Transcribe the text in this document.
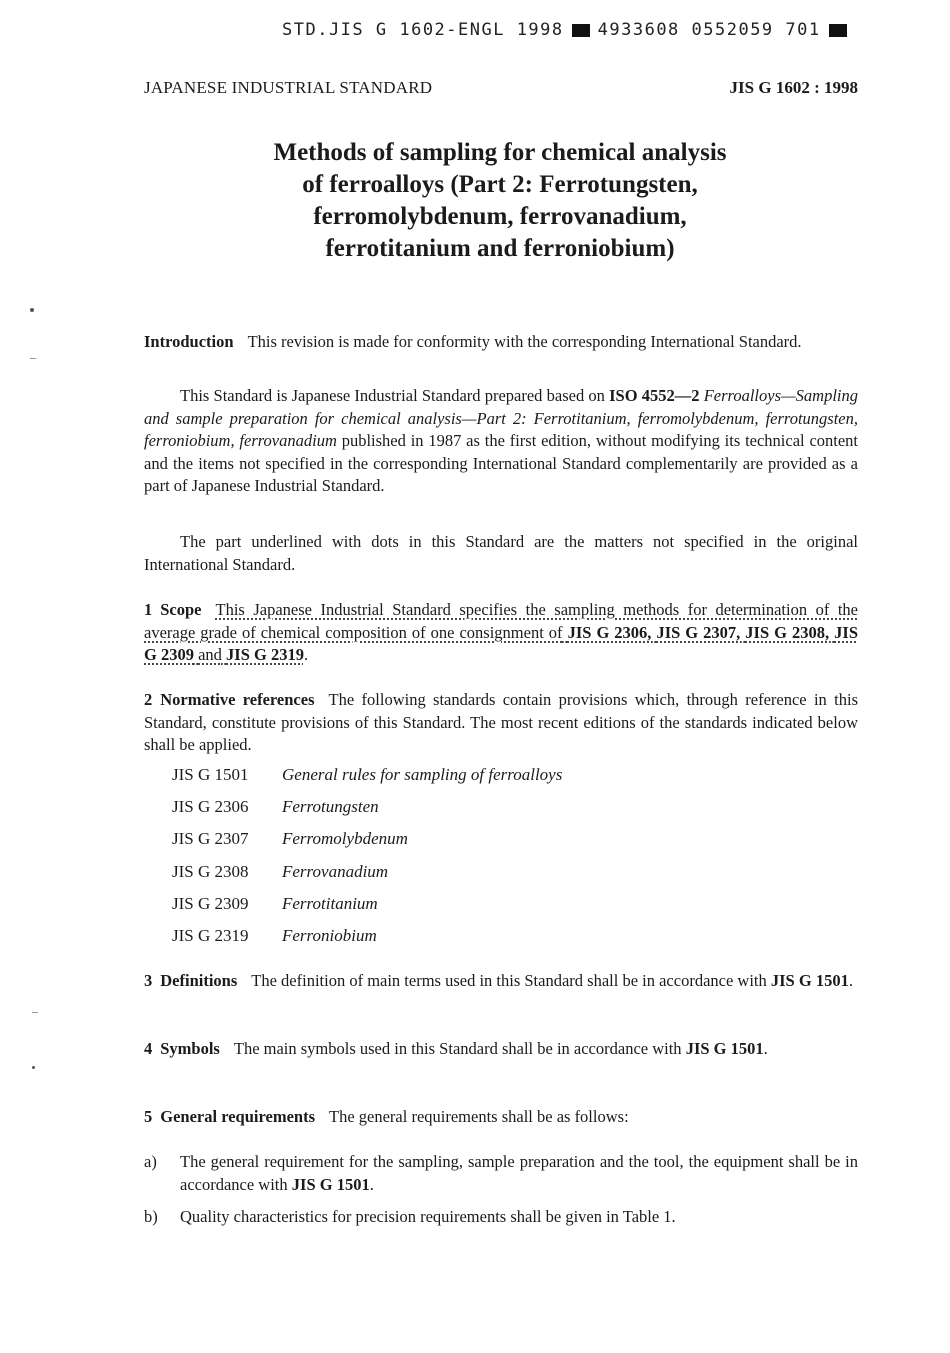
STD.JIS G 1602-ENGL 1998 4933608 0552059 701
JAPANESE INDUSTRIAL STANDARD	JIS G 1602 : 1998
Methods of sampling for chemical analysis
of ferroalloys (Part 2: Ferrotungsten,
ferromolybdenum, ferrovanadium,
ferrotitanium and ferroniobium)
Introduction This revision is made for conformity with the corresponding International Standard.
This Standard is Japanese Industrial Standard prepared based on ISO 4552—2 Ferroalloys—Sampling and sample preparation for chemical analysis—Part 2: Ferrotitanium, ferromolybdenum, ferrotungsten, ferroniobium, ferrovanadium published in 1987 as the first edition, without modifying its technical content and the items not specified in the corresponding International Standard complementarily are provided as a part of Japanese Industrial Standard.
The part underlined with dots in this Standard are the matters not specified in the original International Standard.
1 Scope This Japanese Industrial Standard specifies the sampling methods for determination of the average grade of chemical composition of one consignment of JIS G 2306, JIS G 2307, JIS G 2308, JIS G 2309 and JIS G 2319.
2 Normative references The following standards contain provisions which, through reference in this Standard, constitute provisions of this Standard. The most recent editions of the standards indicated below shall be applied.
JIS G 1501	General rules for sampling of ferroalloys
JIS G 2306	Ferrotungsten
JIS G 2307	Ferromolybdenum
JIS G 2308	Ferrovanadium
JIS G 2309	Ferrotitanium
JIS G 2319	Ferroniobium
3 Definitions The definition of main terms used in this Standard shall be in accordance with JIS G 1501.
4 Symbols The main symbols used in this Standard shall be in accordance with JIS G 1501.
5 General requirements The general requirements shall be as follows:
a)	The general requirement for the sampling, sample preparation and the tool, the equipment shall be in accordance with JIS G 1501.
b)	Quality characteristics for precision requirements shall be given in Table 1.
